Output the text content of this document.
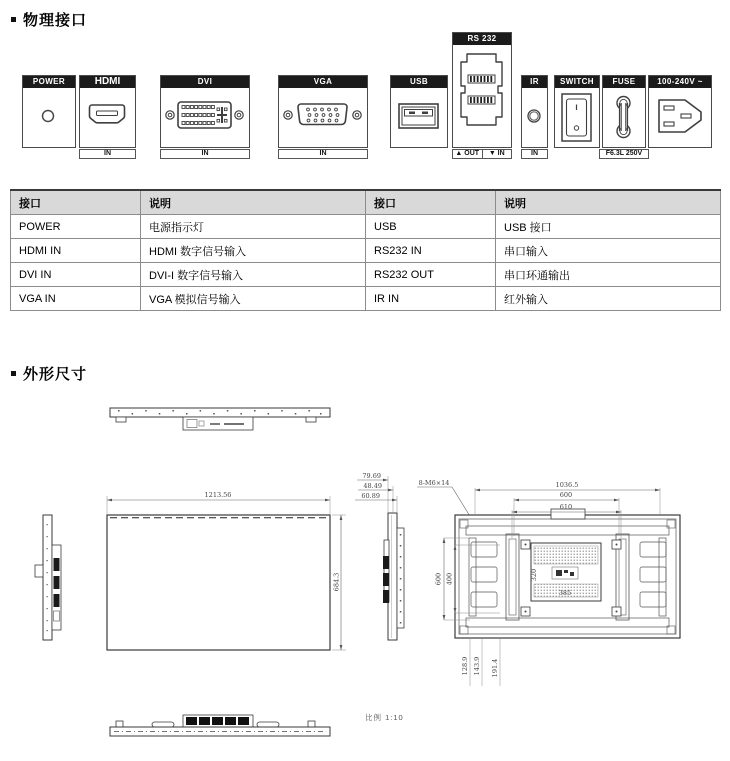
物理接口
POWER	HDMI
IN
DVI
IN
VGA
IN
USB
RS 232
▲ OUT	▼ IN
IR
IN
SWITCH	FUSE
F6.3L 250V
100-240V ~
接口	说明	接口	说明
POWER	电源指示灯	USB	USB 接口
HDMI IN	HDMI 数字信号输入	RS232 IN	串口输入
DVI IN	DVI-I 数字信号输入	RS232 OUT	串口环通输出
VGA IN	VGA 模拟信号输入	IR IN	红外输入
外形尺寸
1213.56
684.3
79.69
48.49
60.89
8-M6×14
320
385
1036.5
600
610
600 400
128.9 143.9 191.4
比例 1:10
